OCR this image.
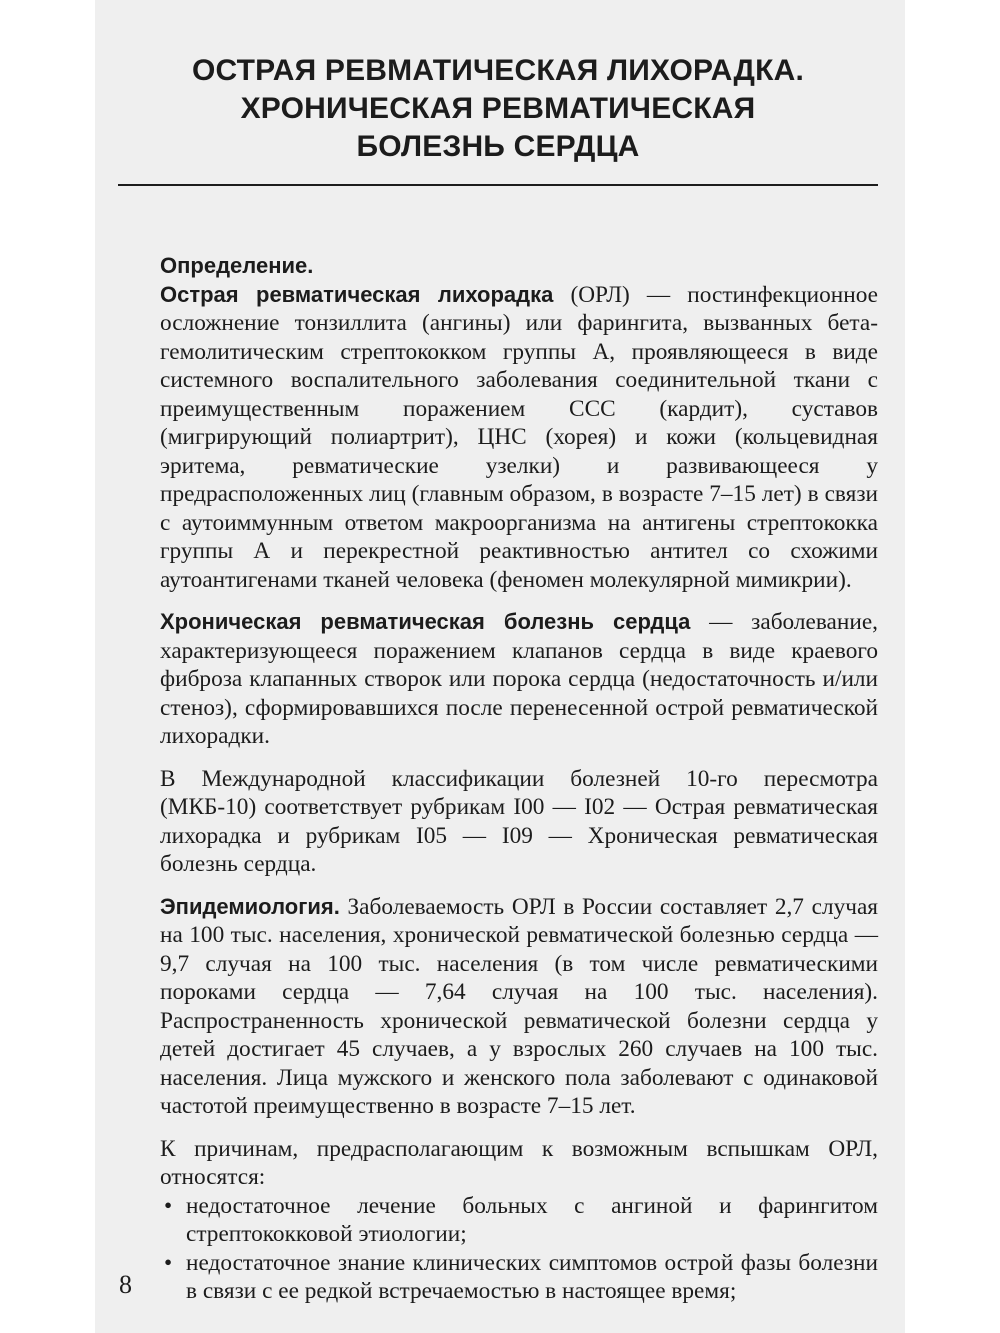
ОСТРАЯ РЕВМАТИЧЕСКАЯ ЛИХОРАДКА.
ХРОНИЧЕСКАЯ РЕВМАТИЧЕСКАЯ
БОЛЕЗНЬ СЕРДЦА
Определение.

Острая ревматическая лихорадка (ОРЛ) — постинфекционное осложнение тонзиллита (ангины) или фарингита, вызванных бета-гемолитическим стрептококком группы А, проявляющееся в виде системного воспалительного заболевания соединительной ткани с преимущественным поражением ССС (кардит), суставов (мигрирующий полиартрит), ЦНС (хорея) и кожи (кольцевидная эритема, ревматические узелки) и развивающееся у предрасположенных лиц (главным образом, в возрасте 7–15 лет) в связи с аутоиммунным ответом макроорганизма на антигены стрептококка группы А и перекрестной реактивностью антител со схожими аутоантигенами тканей человека (феномен молекулярной мимикрии).

Хроническая ревматическая болезнь сердца — заболевание, характеризующееся поражением клапанов сердца в виде краевого фиброза клапанных створок или порока сердца (недостаточность и/или стеноз), сформировавшихся после перенесенной острой ревматической лихорадки.

В Международной классификации болезней 10-го пересмотра (МКБ-10) соответствует рубрикам I00 — I02 — Острая ревматическая лихорадка и рубрикам I05 — I09 — Хроническая ревматическая болезнь сердца.

Эпидемиология. Заболеваемость ОРЛ в России составляет 2,7 случая на 100 тыс. населения, хронической ревматической болезнью сердца — 9,7 случая на 100 тыс. населения (в том числе ревматическими пороками сердца — 7,64 случая на 100 тыс. населения). Распространенность хронической ревматической болезни сердца у детей достигает 45 случаев, а у взрослых 260 случаев на 100 тыс. населения. Лица мужского и женского пола заболевают с одинаковой частотой преимущественно в возрасте 7–15 лет.

К причинам, предрасполагающим к возможным вспышкам ОРЛ, относятся:

• недостаточное лечение больных с ангиной и фарингитом стрептококковой этиологии;
• недостаточное знание клинических симптомов острой фазы болезни в связи с ее редкой встречаемостью в настоящее время;
8
